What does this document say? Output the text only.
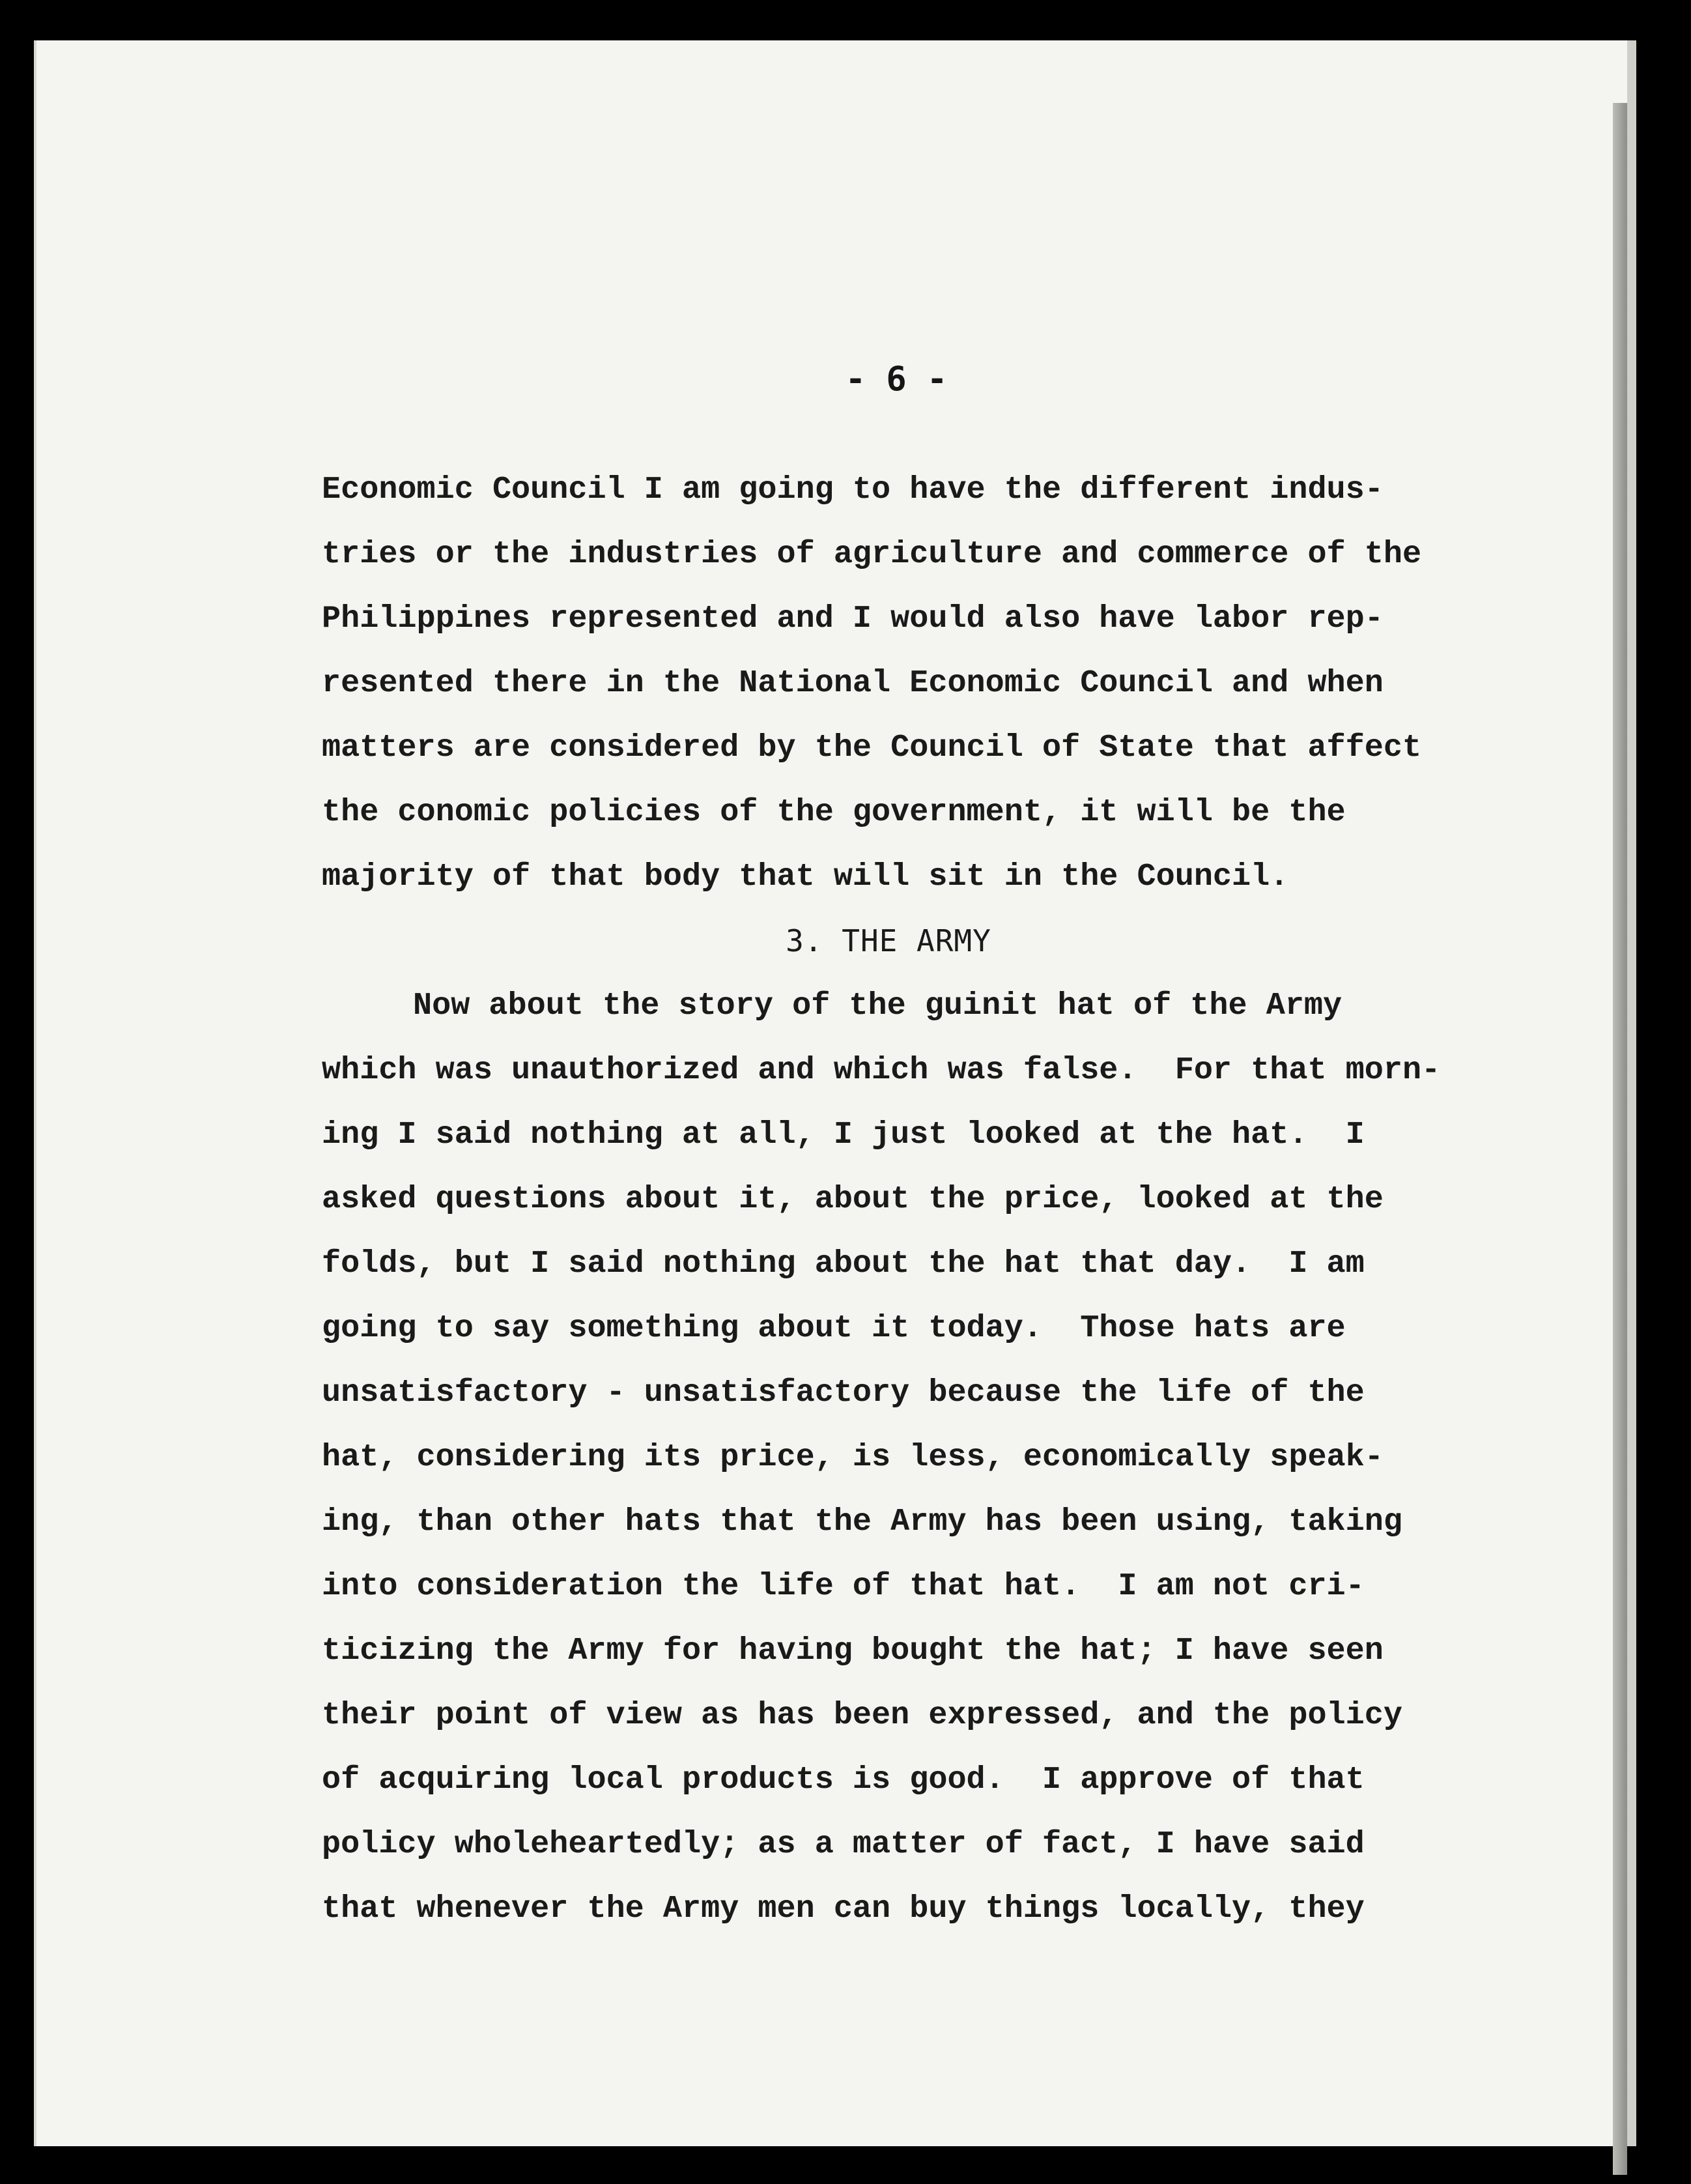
- 6 -
Economic Council I am going to have the different indus-
tries or the industries of agriculture and commerce of the
Philippines represented and I would also have labor rep-
resented there in the National Economic Council and when
matters are considered by the Council of State that affect
the conomic policies of the government, it will be the
majority of that body that will sit in the Council.
3. THE ARMY
Now about the story of the guinit hat of the Army
which was unauthorized and which was false.  For that morn-
ing I said nothing at all, I just looked at the hat.  I
asked questions about it, about the price, looked at the
folds, but I said nothing about the hat that day.  I am
going to say something about it today.  Those hats are
unsatisfactory - unsatisfactory because the life of the
hat, considering its price, is less, economically speak-
ing, than other hats that the Army has been using, taking
into consideration the life of that hat.  I am not cri-
ticizing the Army for having bought the hat; I have seen
their point of view as has been expressed, and the policy
of acquiring local products is good.  I approve of that
policy wholeheartedly; as a matter of fact, I have said
that whenever the Army men can buy things locally, they
